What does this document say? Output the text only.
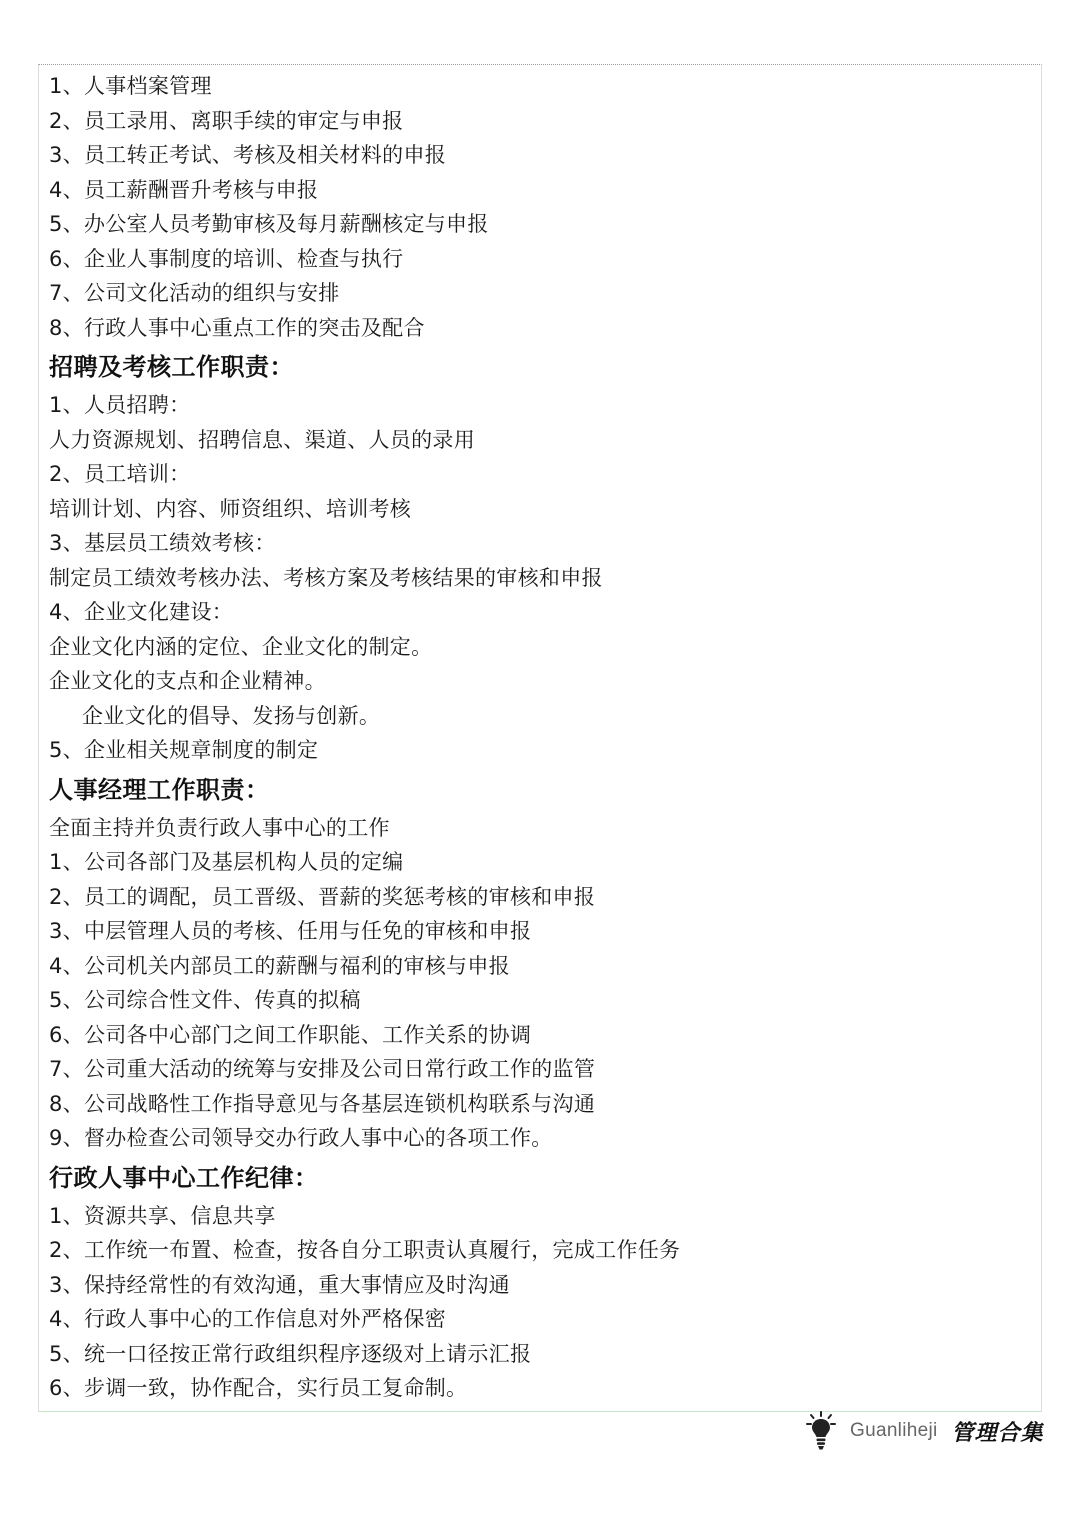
1、人事档案管理
2、员工录用、离职手续的审定与申报
3、员工转正考试、考核及相关材料的申报
4、员工薪酬晋升考核与申报
5、办公室人员考勤审核及每月薪酬核定与申报
6、企业人事制度的培训、检查与执行
7、公司文化活动的组织与安排
8、行政人事中心重点工作的突击及配合
招聘及考核工作职责：
1、人员招聘：
人力资源规划、招聘信息、渠道、人员的录用
2、员工培训：
培训计划、内容、师资组织、培训考核
3、基层员工绩效考核：
制定员工绩效考核办法、考核方案及考核结果的审核和申报
4、企业文化建设：
企业文化内涵的定位、企业文化的制定。
企业文化的支点和企业精神。
企业文化的倡导、发扬与创新。
5、企业相关规章制度的制定
人事经理工作职责：
全面主持并负责行政人事中心的工作
1、公司各部门及基层机构人员的定编
2、员工的调配，员工晋级、晋薪的奖惩考核的审核和申报
3、中层管理人员的考核、任用与任免的审核和申报
4、公司机关内部员工的薪酬与福利的审核与申报
5、公司综合性文件、传真的拟稿
6、公司各中心部门之间工作职能、工作关系的协调
7、公司重大活动的统筹与安排及公司日常行政工作的监管
8、公司战略性工作指导意见与各基层连锁机构联系与沟通
9、督办检查公司领导交办行政人事中心的各项工作。
行政人事中心工作纪律：
1、资源共享、信息共享
2、工作统一布置、检查，按各自分工职责认真履行，完成工作任务
3、保持经常性的有效沟通，重大事情应及时沟通
4、行政人事中心的工作信息对外严格保密
5、统一口径按正常行政组织程序逐级对上请示汇报
6、步调一致，协作配合，实行员工复命制。
Guanliheji 管理合集
